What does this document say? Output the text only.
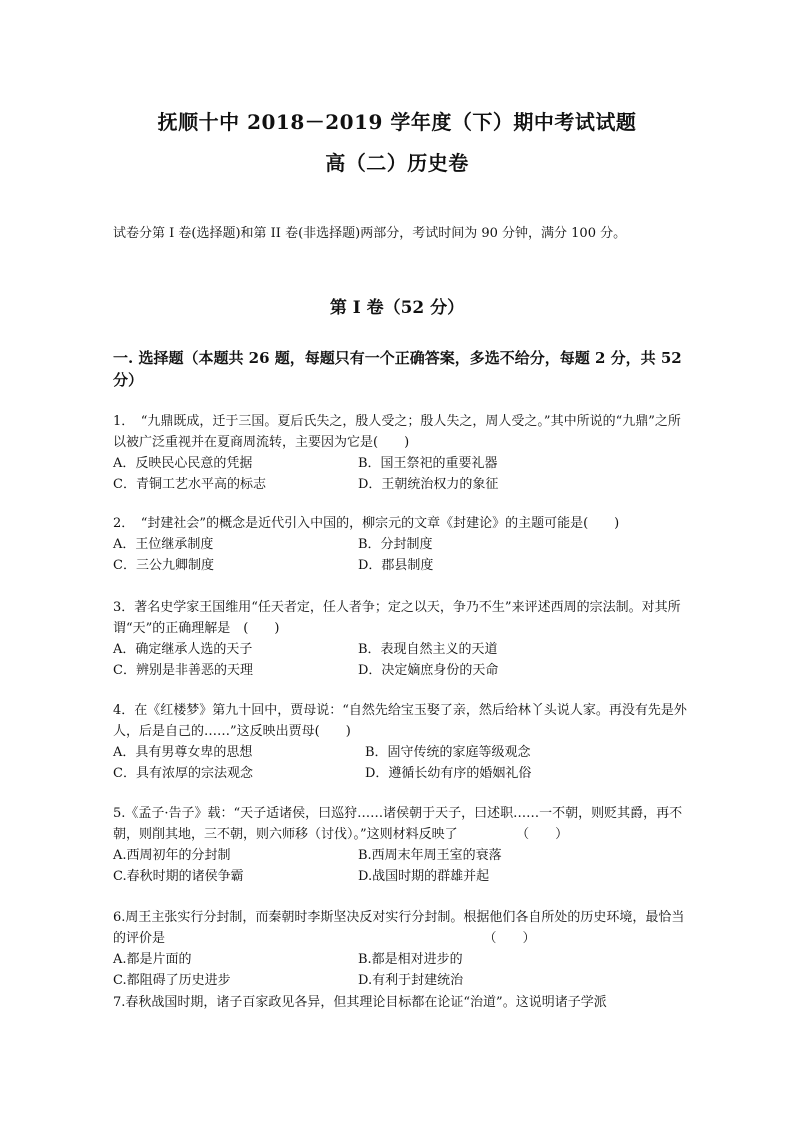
抚顺十中 2018－2019 学年度（下）期中考试试题
高（二）历史卷
试卷分第 I 卷(选择题)和第 II 卷(非选择题)两部分，考试时间为 90 分钟，满分 100 分。
第 I 卷（52 分）
一. 选择题（本题共 26 题，每题只有一个正确答案，多选不给分，每题 2 分，共 52 分）
1．　“九鼎既成，迁于三国。夏后氏失之，殷人受之；殷人失之，周人受之。”其中所说的“九鼎”之所以被广泛重视并在夏商周流转，主要因为它是(　　)
A．反映民心民意的凭据	B．国王祭祀的重要礼器
C．青铜工艺水平高的标志	D．王朝统治权力的象征
2．　“封建社会”的概念是近代引入中国的，柳宗元的文章《封建论》的主题可能是(　　)
A．王位继承制度	B．分封制度
C．三公九卿制度	D．郡县制度
3．著名史学家王国维用“任天者定，任人者争；定之以天，争乃不生”来评述西周的宗法制。对其所谓“天”的正确理解是　(　　)
A．确定继承人选的天子	B．表现自然主义的天道
C．辨别是非善恶的天理	D．决定嫡庶身份的天命
4．在《红楼梦》第九十回中，贾母说：“自然先给宝玉娶了亲，然后给林丫头说人家。再没有先是外人，后是自己的……”这反映出贾母(　　)
A．具有男尊女卑的思想	B．固守传统的家庭等级观念
C．具有浓厚的宗法观念	D．遵循长幼有序的婚姻礼俗
5.《孟子·告子》载：“天子适诸侯，曰巡狩……诸侯朝于天子，曰述职……一不朝，则贬其爵，再不朝，则削其地，三不朝，则六师移（讨伐）。”这则材料反映了　　　　　（　　）
A.西周初年的分封制	B.西周末年周王室的衰落
C.春秋时期的诸侯争霸	D.战国时期的群雄并起
6.周王主张实行分封制，而秦朝时李斯坚决反对实行分封制。根据他们各自所处的历史环境，最恰当的评价是　　　　　　　　　　　　　　　　　　　　　　　　　（　　）
A.都是片面的	B.都是相对进步的
C.都阻碍了历史进步	D.有利于封建统治
7.春秋战国时期，诸子百家政见各异，但其理论目标都在论证“治道”。这说明诸子学派
